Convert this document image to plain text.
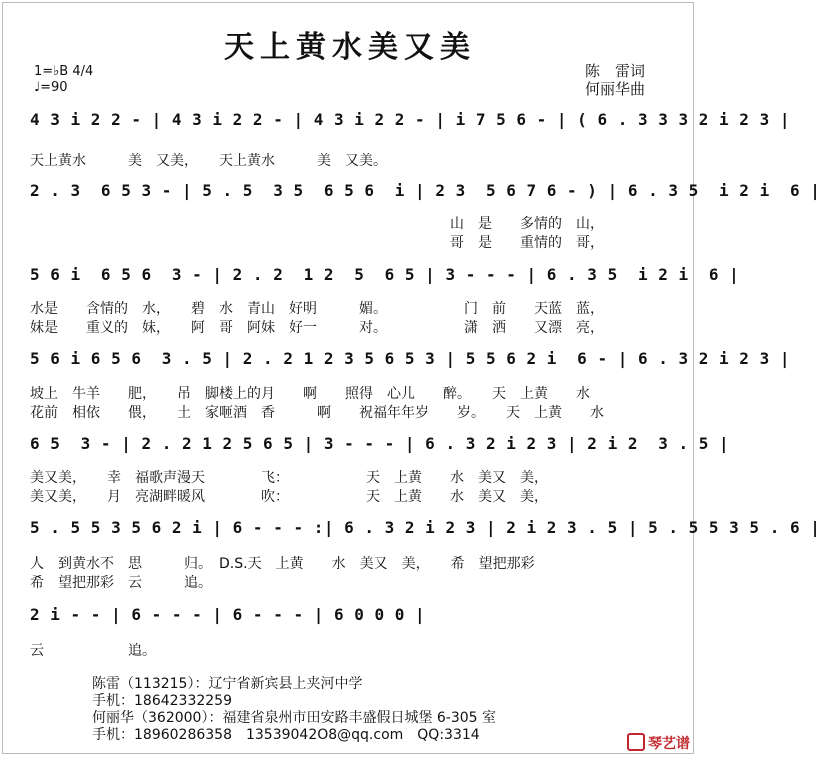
天上黄水美又美
1=♭B 4/4
♩=90
陈　雷词
何丽华曲
4 3 i 2 2 - | 4 3 i 2 2 - | 4 3 i 2 2 - | i 7 5 6 - | ( 6 . 3 3 3 2 i 2 3 |
天上黄水　　　美　又美，　　天上黄水　　　美　又美。
2 . 3  6 5 3 - | 5 . 5  3 5  6 5 6  i | 2 3  5 6 7 6 - ) | 6 . 3 5  i 2 i  6 |
　　　　　　　　　　　　　　　　　　　　　　　　　　　　　　山　是　　多情的　山，
　　　　　　　　　　　　　　　　　　　　　　　　　　　　　　哥　是　　重情的　哥，
5 6 i  6 5 6  3 - | 2 . 2  1 2  5  6 5 | 3 - - - | 6 . 3 5  i 2 i  6 |
水是　　含情的　水，　　碧　水　青山　好明　　　媚。　　　　　　门　前　　天蓝　蓝，
妹是　　重义的　妹，　　阿　哥　阿妹　好一　　　对。　　　　　　潇　洒　　又漂　亮，
5 6 i 6 5 6  3 . 5 | 2 . 2 1 2 3 5 6 5 3 | 5 5 6 2 i  6 - | 6 . 3 2 i 2 3 |
坡上　牛羊　　肥，　　吊　脚楼上的月　　啊　　照得　心儿　　醉。　　天　上黄　　水
花前　相依　　偎，　　土　家咂酒　香　　　啊　　祝福年年岁　　岁。　　天　上黄　　水
6 5  3 - | 2 . 2 1 2 5 6 5 | 3 - - - | 6 . 3 2 i 2 3 | 2 i 2  3 . 5 |
美又美，　　幸　福歌声漫天　　　　飞：　　　　　　天　上黄　　水　美又　美，
美又美，　　月　亮湖畔暖风　　　　吹：　　　　　　天　上黄　　水　美又　美，
5 . 5 5 3 5 6 2 i | 6 - - - :| 6 . 3 2 i 2 3 | 2 i 2 3 . 5 | 5 . 5 5 3 5 . 6 |
人　到黄水不　思　　　归。　D.S.天　上黄　　水　美又　美，　　希　望把那彩
希　望把那彩　云　　　追。
2 i - - | 6 - - - | 6 - - - | 6 0 0 0 |
云　　　　　　追。
陈雷（113215）：辽宁省新宾县上夹河中学
手机：18642332259
何丽华（362000）：福建省泉州市田安路丰盛假日城堡 6-305 室
手机：18960286358　13539042O8@qq.com　QQ:3314
琴艺谱
